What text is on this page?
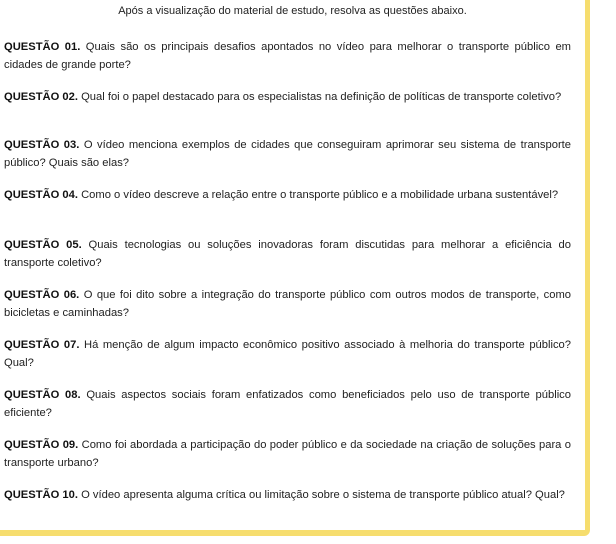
Após a visualização do material de estudo, resolva as questões abaixo.
QUESTÃO 01. Quais são os principais desafios apontados no vídeo para melhorar o transporte público em cidades de grande porte?
QUESTÃO 02. Qual foi o papel destacado para os especialistas na definição de políticas de transporte coletivo?
QUESTÃO 03. O vídeo menciona exemplos de cidades que conseguiram aprimorar seu sistema de transporte público? Quais são elas?
QUESTÃO 04. Como o vídeo descreve a relação entre o transporte público e a mobilidade urbana sustentável?
QUESTÃO 05. Quais tecnologias ou soluções inovadoras foram discutidas para melhorar a eficiência do transporte coletivo?
QUESTÃO 06. O que foi dito sobre a integração do transporte público com outros modos de transporte, como bicicletas e caminhadas?
QUESTÃO 07. Há menção de algum impacto econômico positivo associado à melhoria do transporte público? Qual?
QUESTÃO 08. Quais aspectos sociais foram enfatizados como beneficiados pelo uso de transporte público eficiente?
QUESTÃO 09. Como foi abordada a participação do poder público e da sociedade na criação de soluções para o transporte urbano?
QUESTÃO 10. O vídeo apresenta alguma crítica ou limitação sobre o sistema de transporte público atual? Qual?
